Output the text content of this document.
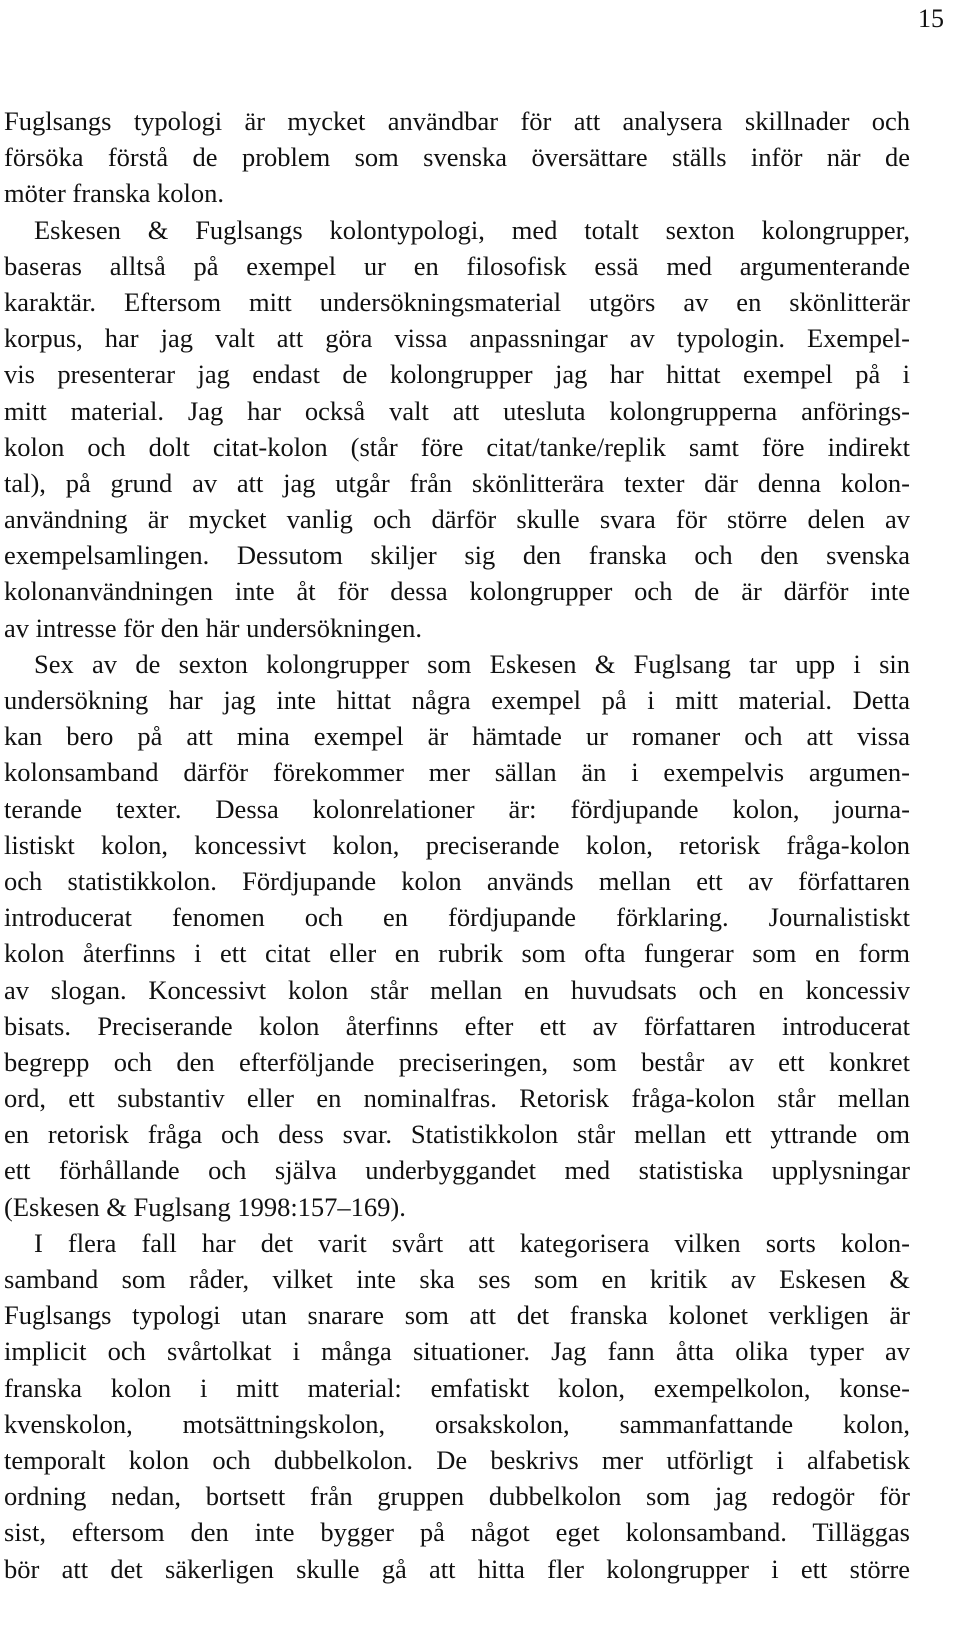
15
Fuglsangs typologi är mycket användbar för att analysera skillnader och
försöka förstå de problem som svenska översättare ställs inför när de
möter franska kolon.
Eskesen & Fuglsangs kolontypologi, med totalt sexton kolongrupper,
baseras alltså på exempel ur en filosofisk essä med argumenterande
karaktär. Eftersom mitt undersökningsmaterial utgörs av en skönlitterär
korpus, har jag valt att göra vissa anpassningar av typologin. Exempel-
vis presenterar jag endast de kolongrupper jag har hittat exempel på i
mitt material. Jag har också valt att utesluta kolongrupperna anförings-
kolon och dolt citat-kolon (står före citat/tanke/replik samt före indirekt
tal), på grund av att jag utgår från skönlitterära texter där denna kolon-
användning är mycket vanlig och därför skulle svara för större delen av
exempelsamlingen. Dessutom skiljer sig den franska och den svenska
kolonanvändningen inte åt för dessa kolongrupper och de är därför inte
av intresse för den här undersökningen.
Sex av de sexton kolongrupper som Eskesen & Fuglsang tar upp i sin
undersökning har jag inte hittat några exempel på i mitt material. Detta
kan bero på att mina exempel är hämtade ur romaner och att vissa
kolonsamband därför förekommer mer sällan än i exempelvis argumen-
terande texter. Dessa kolonrelationer är: fördjupande kolon, journa-
listiskt kolon, koncessivt kolon, preciserande kolon, retorisk fråga-kolon
och statistikkolon. Fördjupande kolon används mellan ett av författaren
introducerat fenomen och en fördjupande förklaring. Journalistiskt
kolon återfinns i ett citat eller en rubrik som ofta fungerar som en form
av slogan. Koncessivt kolon står mellan en huvudsats och en koncessiv
bisats. Preciserande kolon återfinns efter ett av författaren introducerat
begrepp och den efterföljande preciseringen, som består av ett konkret
ord, ett substantiv eller en nominalfras. Retorisk fråga-kolon står mellan
en retorisk fråga och dess svar. Statistikkolon står mellan ett yttrande om
ett förhållande och själva underbyggandet med statistiska upplysningar
(Eskesen & Fuglsang 1998:157–169).
I flera fall har det varit svårt att kategorisera vilken sorts kolon-
samband som råder, vilket inte ska ses som en kritik av Eskesen &
Fuglsangs typologi utan snarare som att det franska kolonet verkligen är
implicit och svårtolkat i många situationer. Jag fann åtta olika typer av
franska kolon i mitt material: emfatiskt kolon, exempelkolon, konse-
kvenskolon, motsättningskolon, orsakskolon, sammanfattande kolon,
temporalt kolon och dubbelkolon. De beskrivs mer utförligt i alfabetisk
ordning nedan, bortsett från gruppen dubbelkolon som jag redogör för
sist, eftersom den inte bygger på något eget kolonsamband. Tilläggas
bör att det säkerligen skulle gå att hitta fler kolongrupper i ett större
